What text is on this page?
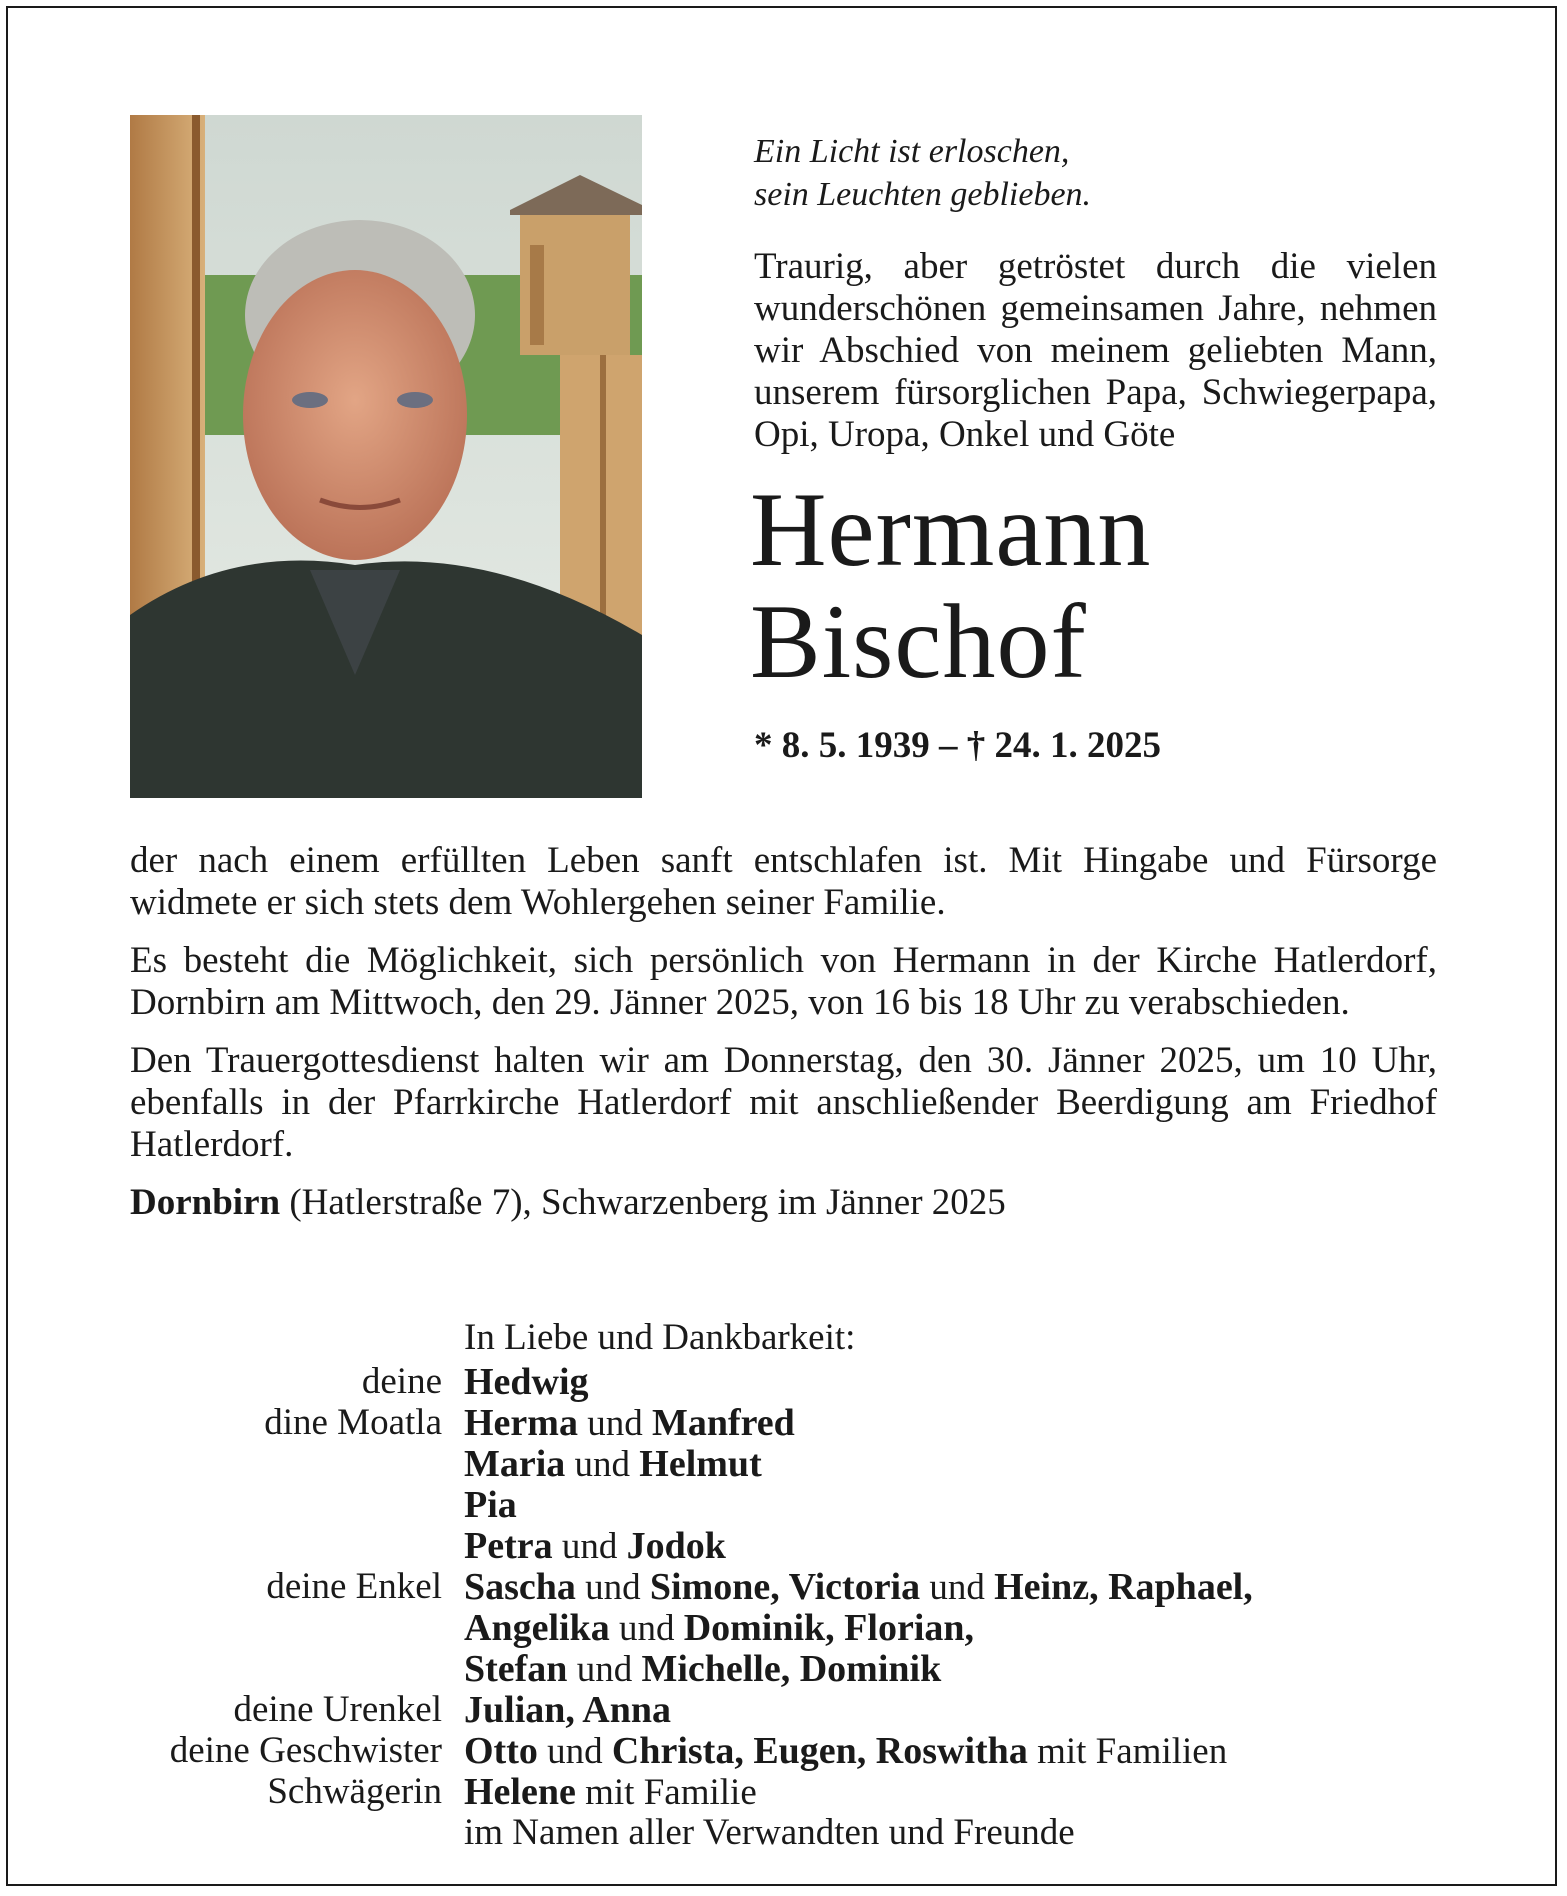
Ein Licht ist erloschen,
sein Leuchten geblieben.

Traurig, aber getröstet durch die vielen wunderschönen gemeinsamen Jahre, nehmen wir Abschied von meinem geliebten Mann, unserem fürsorglichen Papa, Schwiegerpapa, Opi, Uropa, Onkel und Göte

Hermann
Bischof
* 8. 5. 1939 – † 24. 1. 2025

der nach einem erfüllten Leben sanft entschlafen ist. Mit Hingabe und Fürsorge widmete er sich stets dem Wohlergehen seiner Familie.

Es besteht die Möglichkeit, sich persönlich von Hermann in der Kirche Hatlerdorf, Dornbirn am Mittwoch, den 29. Jänner 2025, von 16 bis 18 Uhr zu verabschieden.

Den Trauergottesdienst halten wir am Donnerstag, den 30. Jänner 2025, um 10 Uhr, ebenfalls in der Pfarrkirche Hatlerdorf mit anschließender Beerdigung am Friedhof Hatlerdorf.

Dornbirn (Hatlerstraße 7), Schwarzenberg im Jänner 2025

In Liebe und Dankbarkeit:
deine Hedwig
dine Moatla Herma und Manfred
Maria und Helmut
Pia
Petra und Jodok
deine Enkel Sascha und Simone, Victoria und Heinz, Raphael,
Angelika und Dominik, Florian,
Stefan und Michelle, Dominik
deine Urenkel Julian, Anna
deine Geschwister Otto und Christa, Eugen, Roswitha mit Familien
Schwägerin Helene mit Familie
im Namen aller Verwandten und Freunde
